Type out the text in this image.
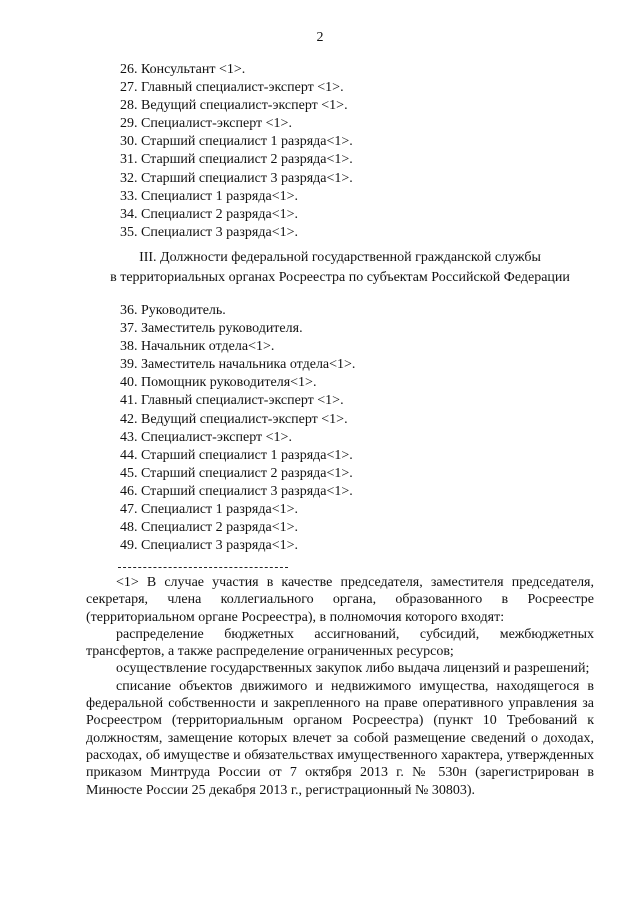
2
26. Консультант <1>.
27. Главный специалист-эксперт <1>.
28. Ведущий специалист-эксперт <1>.
29. Специалист-эксперт <1>.
30. Старший специалист 1 разряда<1>.
31. Старший специалист 2 разряда<1>.
32. Старший специалист 3 разряда<1>.
33. Специалист 1 разряда<1>.
34. Специалист 2 разряда<1>.
35. Специалист 3 разряда<1>.
III. Должности федеральной государственной гражданской службы
в территориальных органах Росреестра по субъектам Российской Федерации
36. Руководитель.
37. Заместитель руководителя.
38. Начальник отдела<1>.
39. Заместитель начальника отдела<1>.
40. Помощник руководителя<1>.
41. Главный специалист-эксперт <1>.
42. Ведущий специалист-эксперт <1>.
43. Специалист-эксперт <1>.
44. Старший специалист 1 разряда<1>.
45. Старший специалист 2 разряда<1>.
46. Старший специалист 3 разряда<1>.
47. Специалист 1 разряда<1>.
48. Специалист 2 разряда<1>.
49. Специалист 3 разряда<1>.

<1> В случае участия в качестве председателя, заместителя председателя, секретаря, члена коллегиального органа, образованного в Росреестре (территориальном органе Росреестра), в полномочия которого входят:

распределение бюджетных ассигнований, субсидий, межбюджетных трансфертов, а также распределение ограниченных ресурсов;

осуществление государственных закупок либо выдача лицензий и разрешений;

списание объектов движимого и недвижимого имущества, находящегося в федеральной собственности и закрепленного на праве оперативного управления за Росреестром (территориальным органом Росреестра) (пункт 10 Требований к должностям, замещение которых влечет за собой размещение сведений о доходах, расходах, об имуществе и обязательствах имущественного характера, утвержденных приказом Минтруда России от 7 октября 2013 г. № 530н (зарегистрирован в Минюсте России 25 декабря 2013 г., регистрационный № 30803).
